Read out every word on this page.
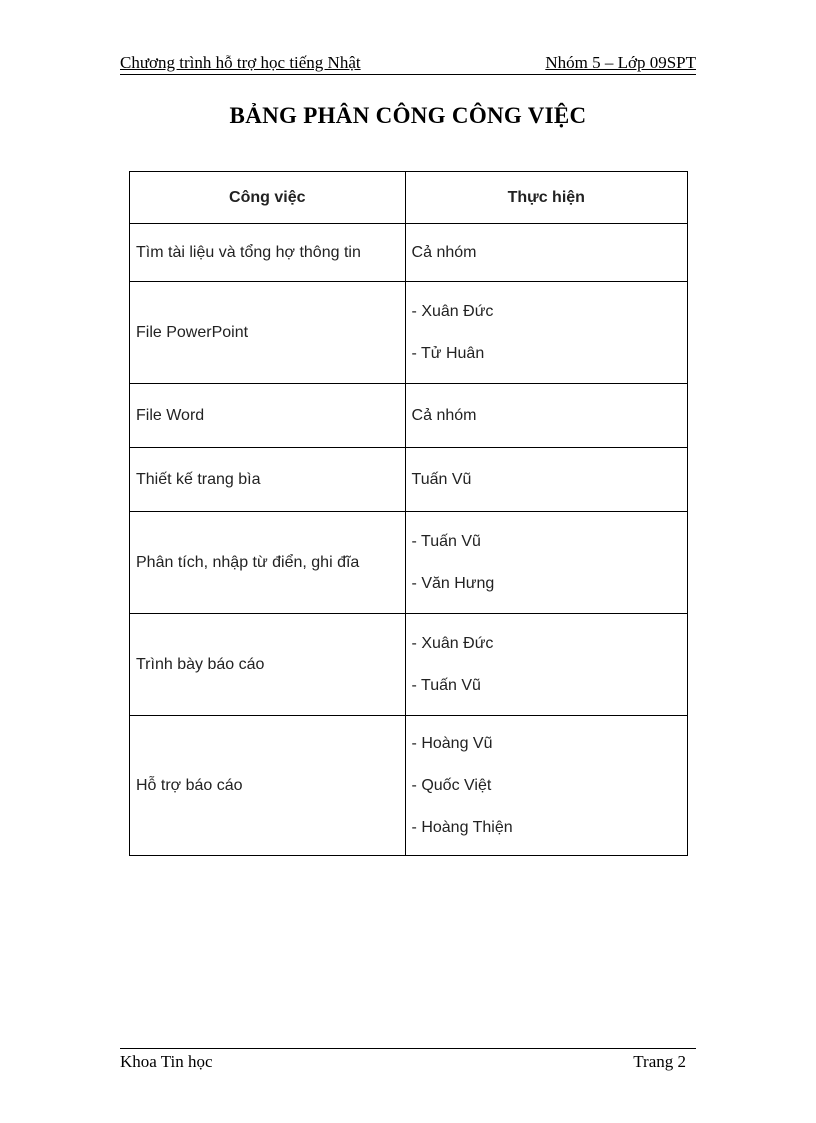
Chương trình hỗ trợ học tiếng Nhật	Nhóm 5 – Lớp 09SPT
BẢNG PHÂN CÔNG CÔNG VIỆC
Công việc	Thực hiện
Tìm tài liệu và tổng hợ thông tin	Cả nhóm

File PowerPoint	- Xuân Đức
- Tử Huân

File Word	Cả nhóm

Thiết kế trang bìa	Tuấn Vũ

Phân tích, nhập từ điển, ghi đĩa	- Tuấn Vũ
- Văn Hưng

Trình bày báo cáo	- Xuân Đức
- Tuấn Vũ

Hỗ trợ báo cáo	- Hoàng Vũ
- Quốc Việt
- Hoàng Thiện
Khoa Tin học	Trang 2
